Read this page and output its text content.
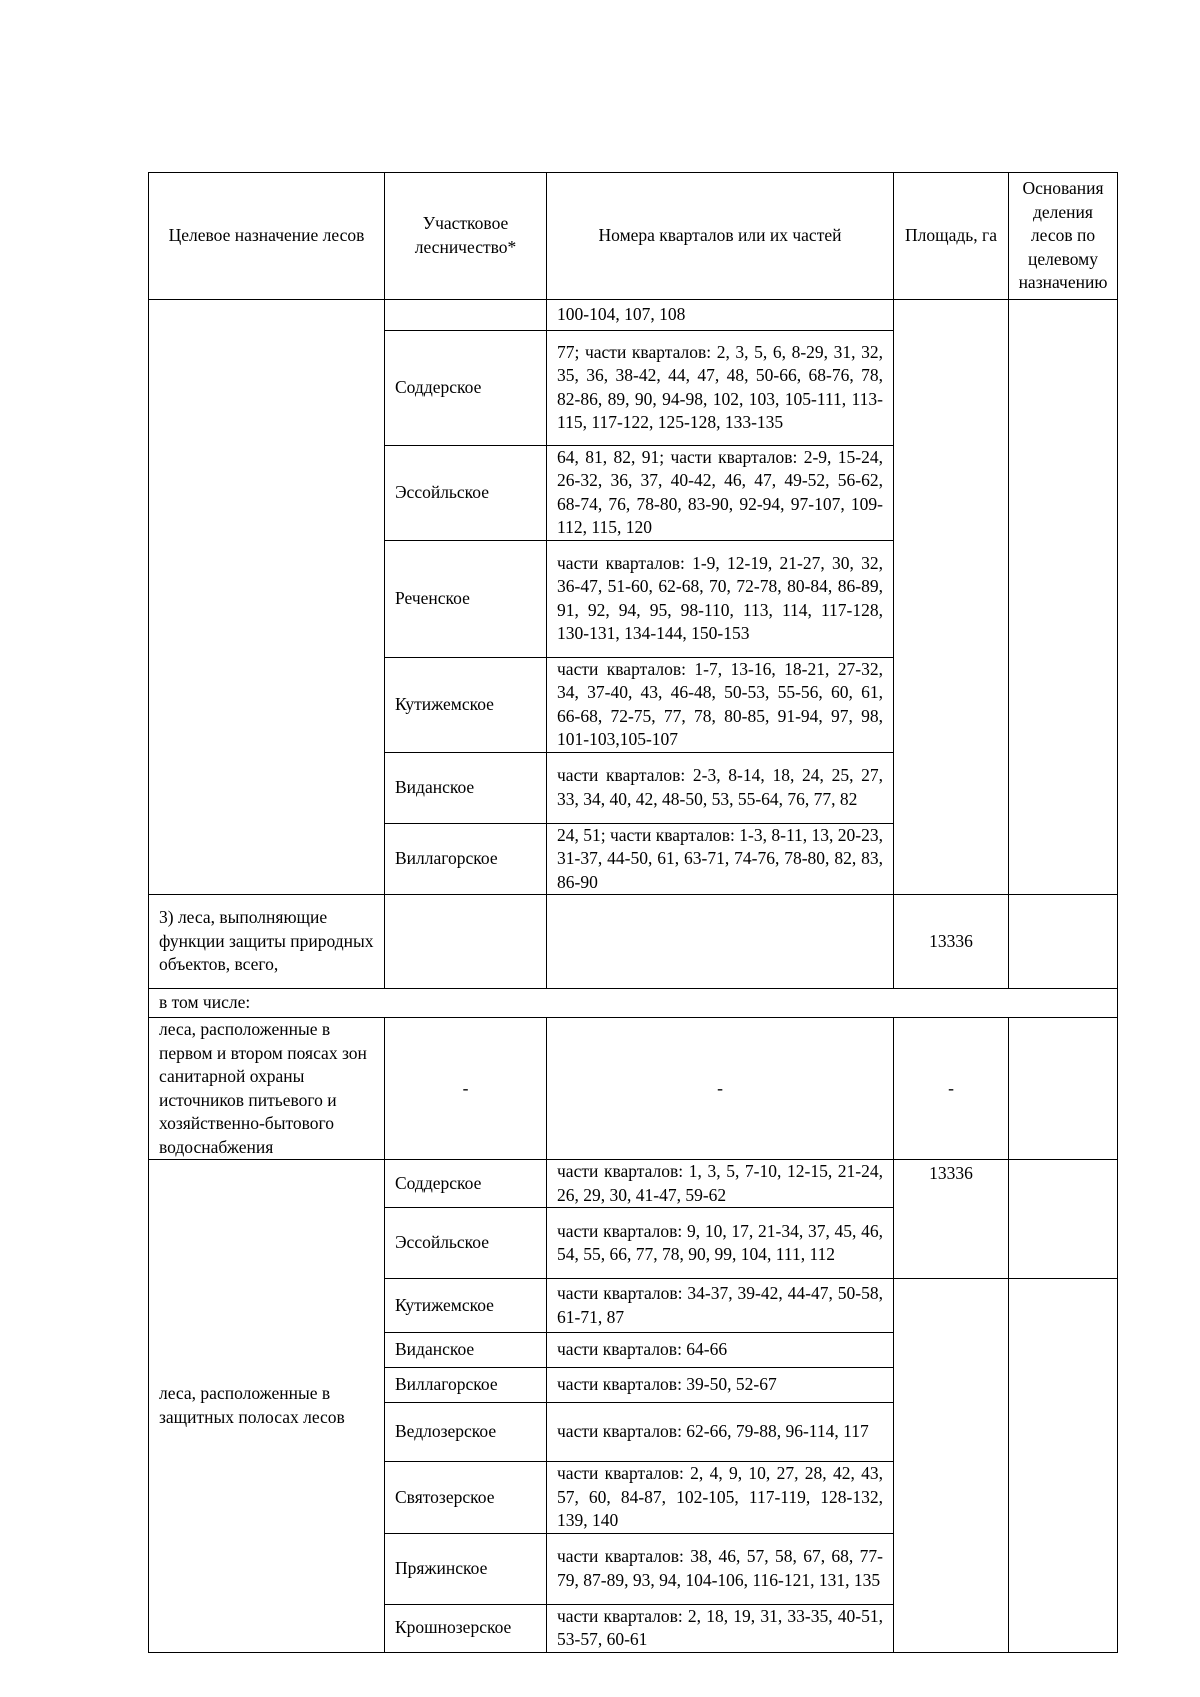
Целевое назначение лесов	Участковое лесничество*	Номера кварталов или их частей	Площадь, га	Основания деления лесов по целевому назначению
		100-104, 107, 108		
	Соддерское	77; части кварталов: 2, 3, 5, 6, 8-29, 31, 32, 35, 36, 38-42, 44, 47, 48, 50-66, 68-76, 78, 82-86, 89, 90, 94-98, 102, 103, 105-111, 113-115, 117-122, 125-128, 133-135		
	Эссойльское	64, 81, 82, 91; части кварталов: 2-9, 15-24, 26-32, 36, 37, 40-42, 46, 47, 49-52, 56-62, 68-74, 76, 78-80, 83-90, 92-94, 97-107, 109-112, 115, 120		
	Реченское	части кварталов: 1-9, 12-19, 21-27, 30, 32, 36-47, 51-60, 62-68, 70, 72-78, 80-84, 86-89, 91, 92, 94, 95, 98-110, 113, 114, 117-128, 130-131, 134-144, 150-153		
	Кутижемское	части кварталов: 1-7, 13-16, 18-21, 27-32, 34, 37-40, 43, 46-48, 50-53, 55-56, 60, 61, 66-68, 72-75, 77, 78, 80-85, 91-94, 97, 98, 101-103,105-107		
	Виданское	части кварталов: 2-3, 8-14, 18, 24, 25, 27, 33, 34, 40, 42, 48-50, 53, 55-64, 76, 77, 82		
	Виллагорское	24, 51; части кварталов: 1-3, 8-11, 13, 20-23, 31-37, 44-50, 61, 63-71, 74-76, 78-80, 82, 83, 86-90		
3) леса, выполняющие функции защиты природных объектов, всего,			13336	
в том числе:				
леса, расположенные в первом и втором поясах зон санитарной охраны источников питьевого и хозяйственно-бытового водоснабжения	-	-	-	
леса, расположенные в защитных полосах лесов	Соддерское	части кварталов: 1, 3, 5, 7-10, 12-15, 21-24, 26, 29, 30, 41-47, 59-62	13336	
	Эссойльское	части кварталов: 9, 10, 17, 21-34, 37, 45, 46, 54, 55, 66, 77, 78, 90, 99, 104, 111, 112		
	Кутижемское	части кварталов: 34-37, 39-42, 44-47, 50-58, 61-71, 87		
	Виданское	части кварталов: 64-66		
	Виллагорское	части кварталов: 39-50, 52-67		
	Ведлозерское	части кварталов: 62-66, 79-88, 96-114, 117		
	Святозерское	части кварталов: 2, 4, 9, 10, 27, 28, 42, 43, 57, 60, 84-87, 102-105, 117-119, 128-132, 139, 140		
	Пряжинское	части кварталов: 38, 46, 57, 58, 67, 68, 77-79, 87-89, 93, 94, 104-106, 116-121, 131, 135		
	Крошнозерское	части кварталов: 2, 18, 19, 31, 33-35, 40-51, 53-57, 60-61		
